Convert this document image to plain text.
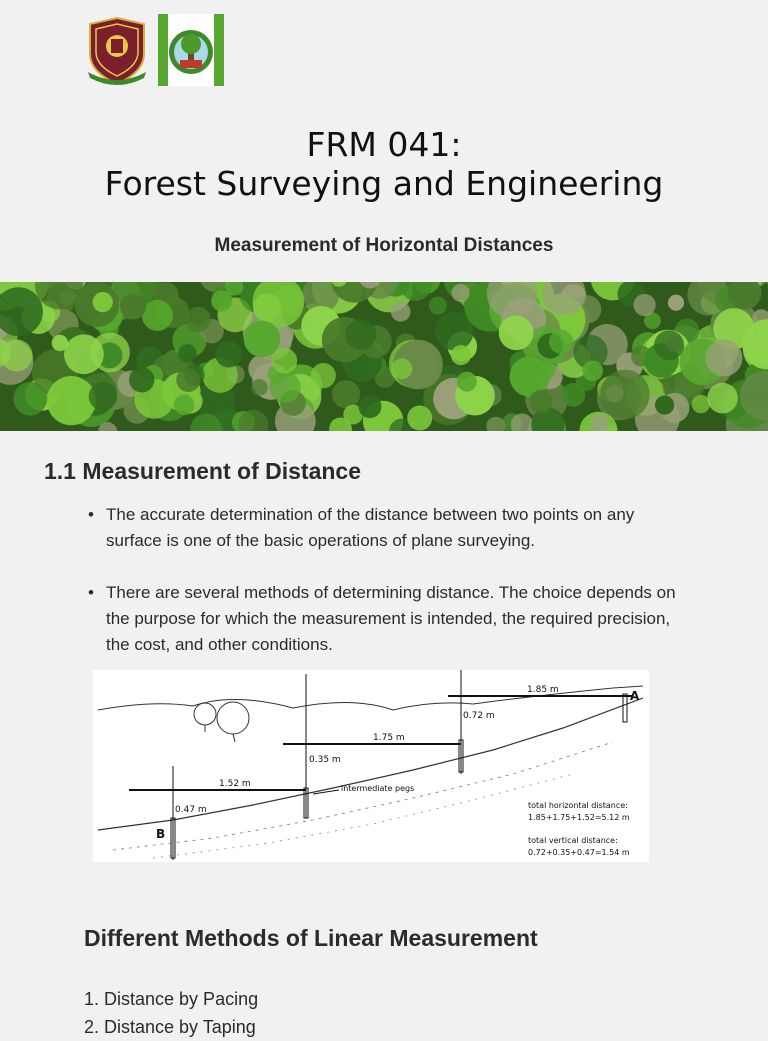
FRM 041:
Forest Surveying and Engineering
Measurement of Horizontal Distances
1.1 Measurement of Distance
• The accurate determination of the distance between two points on any surface is one of the basic operations of plane surveying.
• There are several methods of determining distance. The choice depends on the purpose for which the measurement is intended, the required precision, the cost, and other conditions.
1.85 m	A
0.72 m
1.75 m
0.35 m
intermediate pegs
1.52 m
0.47 m
B
total horizontal distance:
1.85+1.75+1.52=5.12 m
total vertical distance:
0.72+0.35+0.47=1.54 m
Different Methods of Linear Measurement
1. Distance by Pacing
2. Distance by Taping
